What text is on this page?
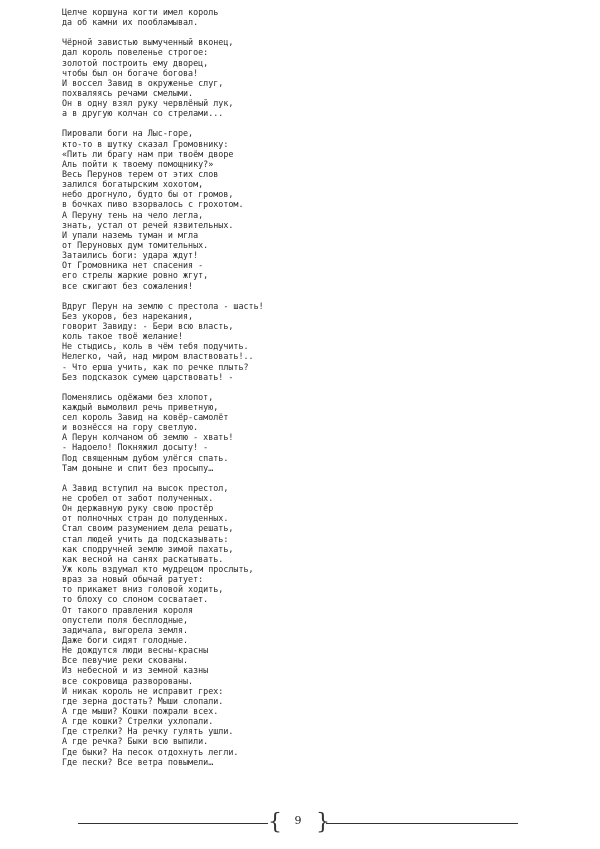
Целче коршуна когти имел король
да об камни их пообламывал.
Чёрной завистью вымученный вконец,
дал король повеленье строгое:
золотой построить ему дворец,
чтобы был он богаче богова!
И воссел Завид в окруженье слуг,
похваляясь речами смелыми.
Он в одну взял руку червлёный лук,
а в другую колчан со стрелами...
Пировали боги на Лыс-горе,
кто-то в шутку сказал Громовнику:
«Пить ли брагу нам при твоём дворе
Аль пойти к твоему помощнику?»
Весь Перунов терем от этих слов
залился богатырским хохотом,
небо дрогнуло, будто бы от громов,
в бочках пиво взорвалось с грохотом.
А Перуну тень на чело легла,
знать, устал от речей язвительных.
И упали наземь туман и мгла
от Перуновых дум томительных.
Затаились боги: удара ждут!
От Громовника нет спасения -
его стрелы жаркие ровно жгут,
все сжигают без сожаления!
Вдруг Перун на землю с престола - шасть!
Без укоров, без нарекания,
говорит Завиду: - Бери всю власть,
коль такое твоё желание!
Не стыдись, коль в чём тебя подучить.
Нелегко, чай, над миром властвовать!..
- Что ерша учить, как по речке плыть?
Без подсказок сумею царствовать! -
Поменялись одёжами без хлопот,
каждый вымолвил речь приветную,
сел король Завид на ковёр-самолёт
и вознёсся на гору светлую.
А Перун колчаном об землю - хвать!
- Надоело! Покняжил досыту! -
Под священным дубом улёгся спать.
Там доныне и спит без просыпу…
А Завид вступил на высок престол,
не сробел от забот полученных.
Он державную руку свою простёр
от полночных стран до полуденных.
Стал своим разумением дела решать,
стал людей учить да подсказывать:
как сподручней землю зимой пахать,
как весной на санях раскатывать.
Уж коль вздумал кто мудрецом прослыть,
враз за новый обычай ратует:
то прикажет вниз головой ходить,
то блоху со слоном сосватает.
От такого правления короля
опустели поля бесплодные,
задичала, выгорела земля.
Даже боги сидят голодные.
Не дождутся люди весны-красны
Все певучие реки скованы.
Из небесной и из земной казны
все сокровища разворованы.
И никак король не исправит грех:
где зерна достать? Мыши слопали.
А где мыши? Кошки пожрали всех.
А где кошки? Стрелки ухлопали.
Где стрелки? На речку гулять ушли.
А где речка? Быки всю выпили.
Где быки? На песок отдохнуть легли.
Где пески? Все ветра повымели…
{	9 }
